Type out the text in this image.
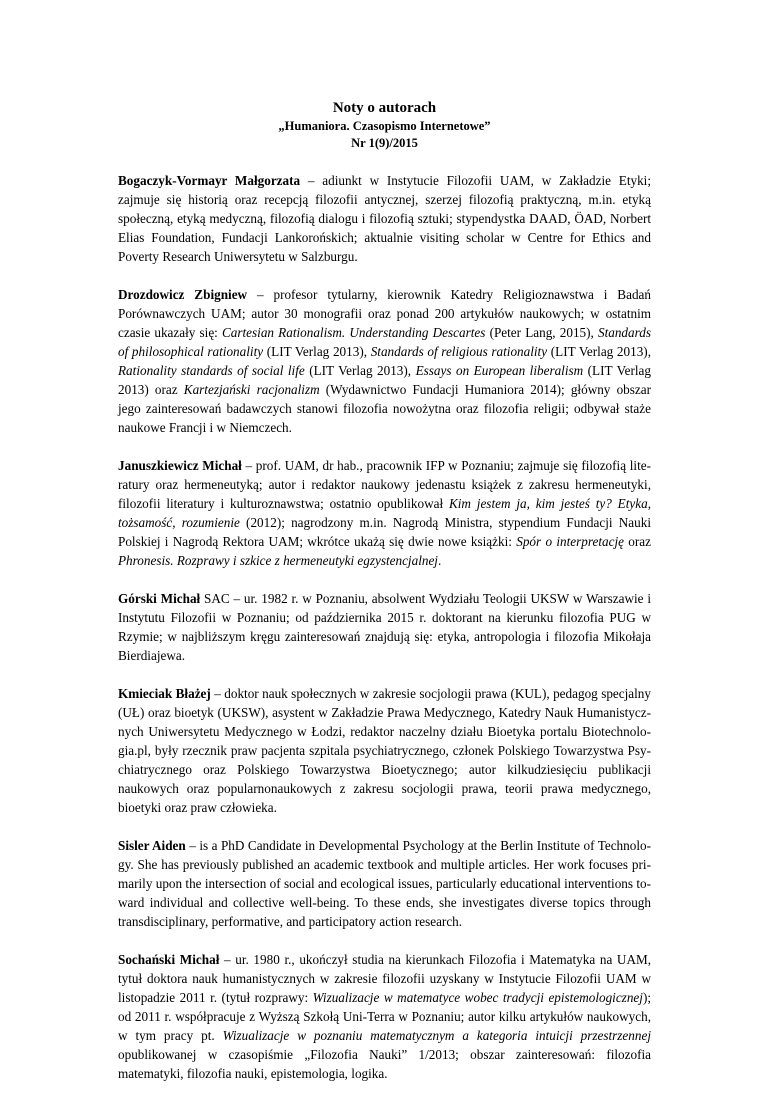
Noty o autorach
„Humaniora. Czasopismo Internetowe”
Nr 1(9)/2015

Bogaczyk-Vormayr Małgorzata – adiunkt w Instytucie Filozofii UAM, w Zakładzie Etyki; zajmuje się historią oraz recepcją filozofii antycznej, szerzej filozofią praktyczną, m.in. etyką społeczną, etyką medyczną, filozofią dialogu i filozofią sztuki; stypendystka DAAD, ÖAD, Norbert Elias Foundation, Fundacji Lankorońskich; aktualnie visiting scholar w Centre for Ethics and Poverty Research Uniwersytetu w Salzburgu.

Drozdowicz Zbigniew – profesor tytularny, kierownik Katedry Religioznawstwa i Badań Porównawczych UAM; autor 30 monografii oraz ponad 200 artykułów naukowych; w ostatnim czasie ukazały się: Cartesian Rationalism. Understanding Descartes (Peter Lang, 2015), Standards of philosophical rationality (LIT Verlag 2013), Standards of religious rationality (LIT Verlag 2013), Rationality standards of social life (LIT Verlag 2013), Essays on European liberalism (LIT Verlag 2013) oraz Kartezjański racjonalizm (Wydawnictwo Fundacji Humaniora 2014); główny obszar jego zainteresowań badawczych stanowi filozofia nowożytna oraz filozofia religii; odbywał staże naukowe Francji i w Niemczech.

Januszkiewicz Michał – prof. UAM, dr hab., pracownik IFP w Poznaniu; zajmuje się filozofią literatury oraz hermeneutyką; autor i redaktor naukowy jedenastu książek z zakresu hermeneutyki, filozofii literatury i kulturoznawstwa; ostatnio opublikował Kim jestem ja, kim jesteś ty? Etyka, tożsamość, rozumienie (2012); nagrodzony m.in. Nagrodą Ministra, stypendium Fundacji Nauki Polskiej i Nagrodą Rektora UAM; wkrótce ukażą się dwie nowe książki: Spór o interpretację oraz Phronesis. Rozprawy i szkice z hermeneutyki egzystencjalnej.

Górski Michał SAC – ur. 1982 r. w Poznaniu, absolwent Wydziału Teologii UKSW w Warszawie i Instytutu Filozofii w Poznaniu; od października 2015 r. doktorant na kierunku filozofia PUG w Rzymie; w najbliższym kręgu zainteresowań znajdują się: etyka, antropologia i filozofia Mikołaja Bierdiajewa.

Kmieciak Błażej – doktor nauk społecznych w zakresie socjologii prawa (KUL), pedagog specjalny (UŁ) oraz bioetyk (UKSW), asystent w Zakładzie Prawa Medycznego, Katedry Nauk Humanistycznych Uniwersytetu Medycznego w Łodzi, redaktor naczelny działu Bioetyka portalu Biotechnologia.pl, były rzecznik praw pacjenta szpitala psychiatrycznego, członek Polskiego Towarzystwa Psychiatrycznego oraz Polskiego Towarzystwa Bioetycznego; autor kilkudziesięciu publikacji naukowych oraz popularnonaukowych z zakresu socjologii prawa, teorii prawa medycznego, bioetyki oraz praw człowieka.

Sisler Aiden – is a PhD Candidate in Developmental Psychology at the Berlin Institute of Technology. She has previously published an academic textbook and multiple articles. Her work focuses primarily upon the intersection of social and ecological issues, particularly educational interventions toward individual and collective well-being. To these ends, she investigates diverse topics through transdisciplinary, performative, and participatory action research.

Sochański Michał – ur. 1980 r., ukończył studia na kierunkach Filozofia i Matematyka na UAM, tytuł doktora nauk humanistycznych w zakresie filozofii uzyskany w Instytucie Filozofii UAM w listopadzie 2011 r. (tytuł rozprawy: Wizualizacje w matematyce wobec tradycji epistemologicznej); od 2011 r. współpracuje z Wyższą Szkołą Uni-Terra w Poznaniu; autor kilku artykułów naukowych, w tym pracy pt. Wizualizacje w poznaniu matematycznym a kategoria intuicji przestrzennej opublikowanej w czasopiśmie „Filozofia Nauki” 1/2013; obszar zainteresowań: filozofia matematyki, filozofia nauki, epistemologia, logika.
